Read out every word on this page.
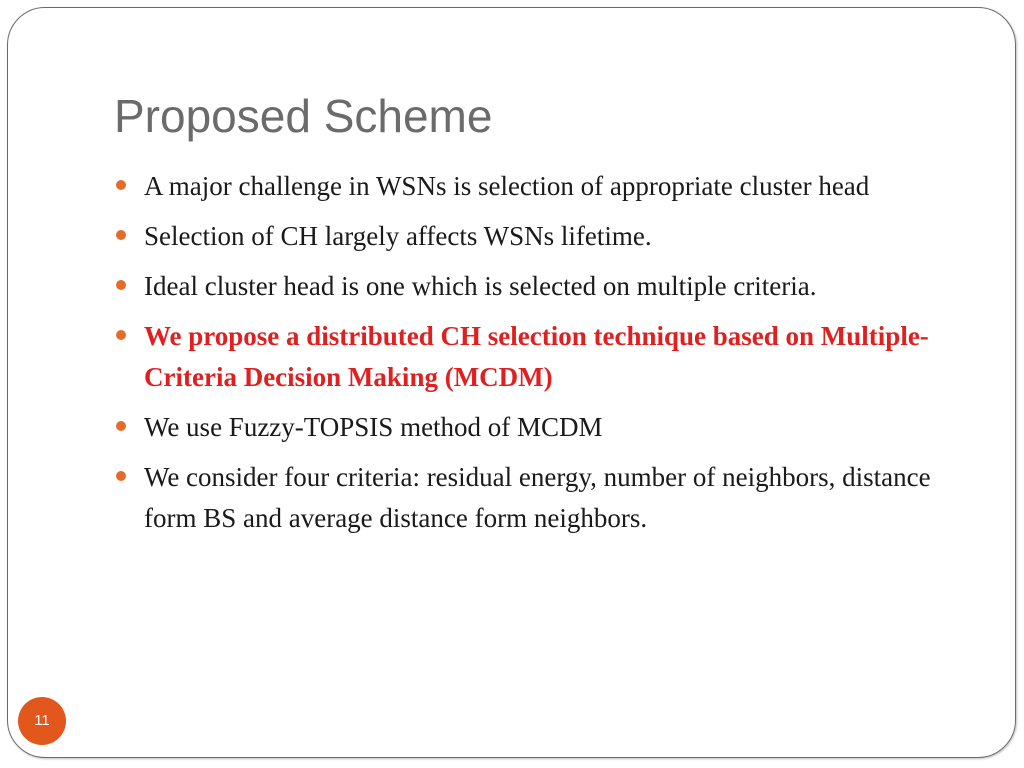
Proposed Scheme
A major challenge in WSNs is selection of appropriate cluster head
Selection of CH largely affects WSNs lifetime.
Ideal cluster head is one which is selected on multiple criteria.
We propose a distributed CH selection technique based on Multiple-Criteria Decision Making (MCDM)
We use Fuzzy-TOPSIS method of MCDM
We consider four criteria: residual energy, number of neighbors, distance form BS and average distance form neighbors.
11
